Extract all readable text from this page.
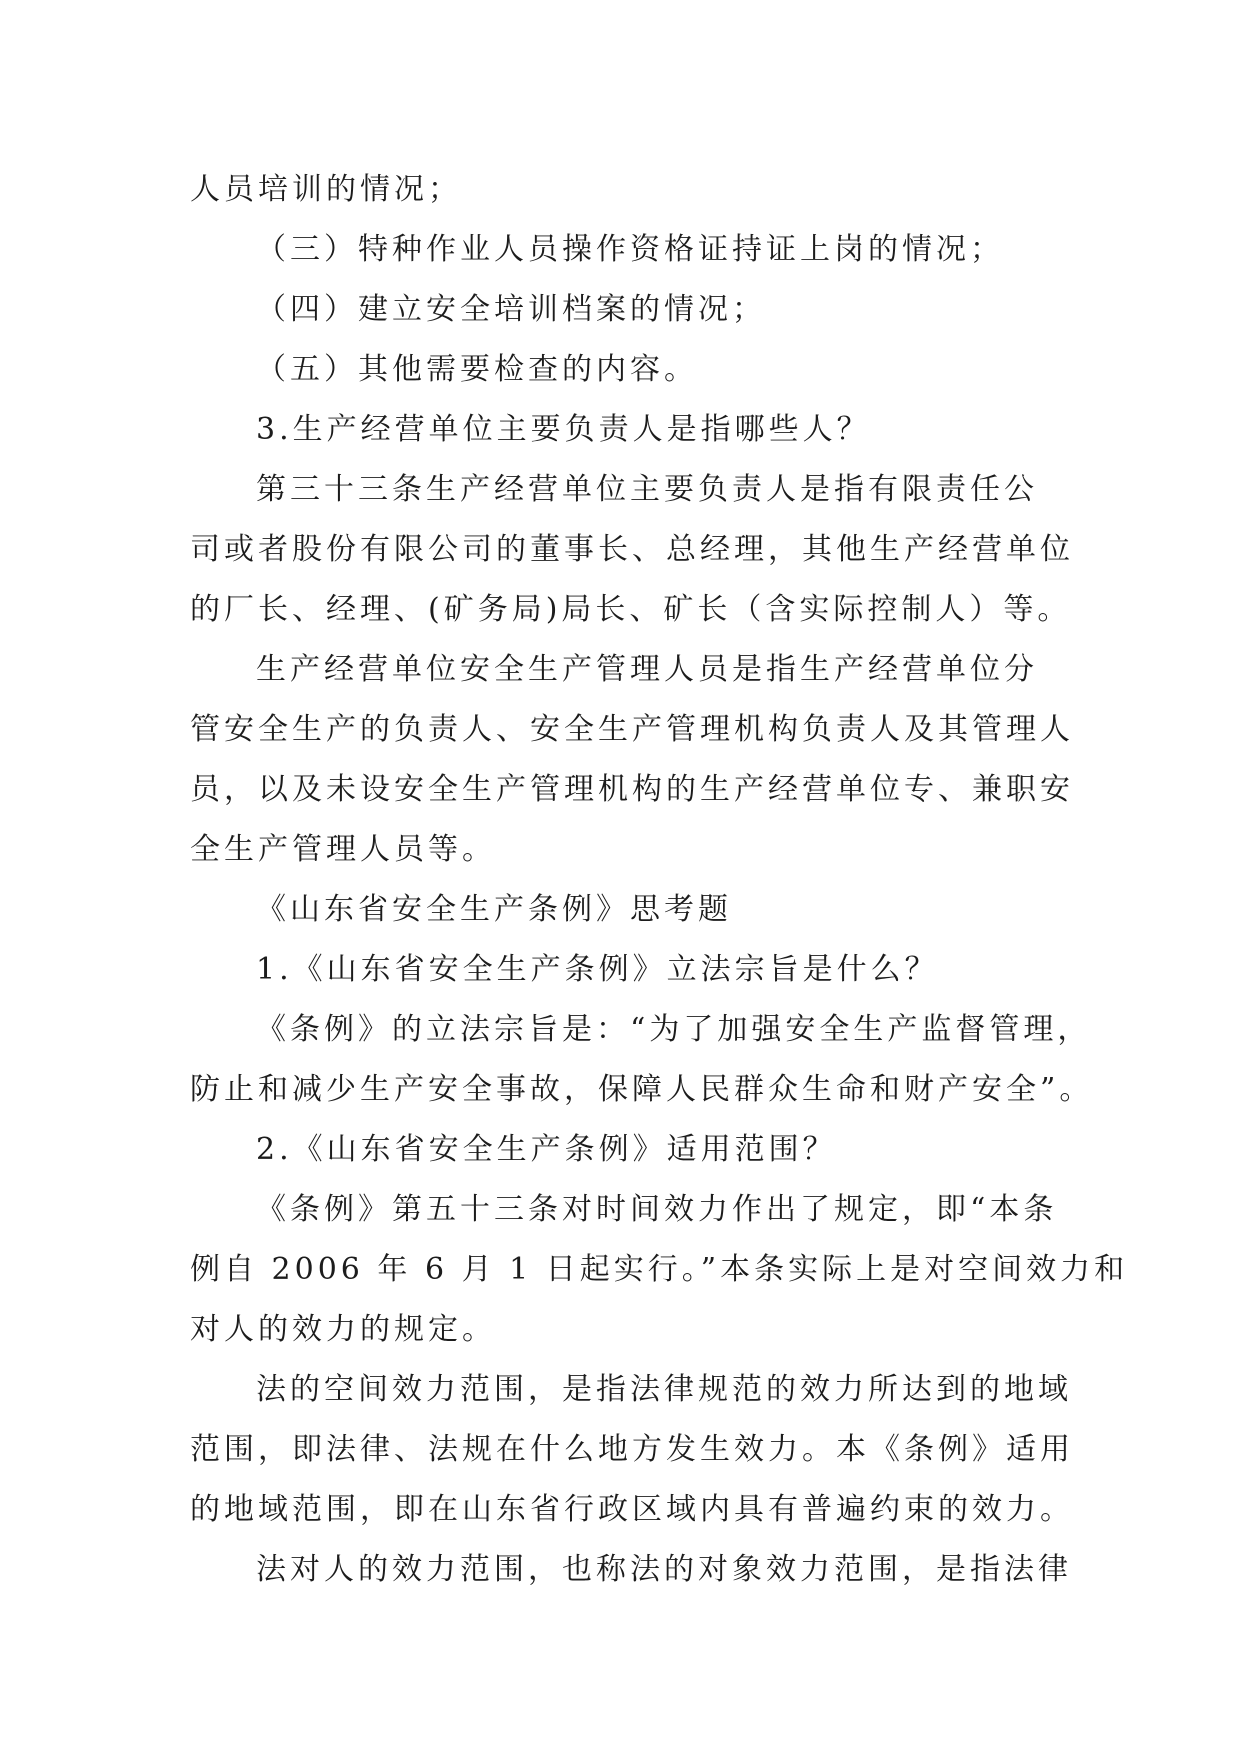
人员培训的情况；
（三）特种作业人员操作资格证持证上岗的情况；
（四）建立安全培训档案的情况；
（五）其他需要检查的内容。
3.生产经营单位主要负责人是指哪些人？
第三十三条生产经营单位主要负责人是指有限责任公
司或者股份有限公司的董事长、总经理，其他生产经营单位
的厂长、经理、(矿务局)局长、矿长（含实际控制人）等。
生产经营单位安全生产管理人员是指生产经营单位分
管安全生产的负责人、安全生产管理机构负责人及其管理人
员，以及未设安全生产管理机构的生产经营单位专、兼职安
全生产管理人员等。
《山东省安全生产条例》思考题
1.《山东省安全生产条例》立法宗旨是什么？
《条例》的立法宗旨是：“为了加强安全生产监督管理，
防止和减少生产安全事故，保障人民群众生命和财产安全”。
2.《山东省安全生产条例》适用范围？
《条例》第五十三条对时间效力作出了规定，即“本条
例自 2006 年 6 月 1 日起实行。”本条实际上是对空间效力和
对人的效力的规定。
法的空间效力范围，是指法律规范的效力所达到的地域
范围，即法律、法规在什么地方发生效力。本《条例》适用
的地域范围，即在山东省行政区域内具有普遍约束的效力。
法对人的效力范围，也称法的对象效力范围，是指法律
